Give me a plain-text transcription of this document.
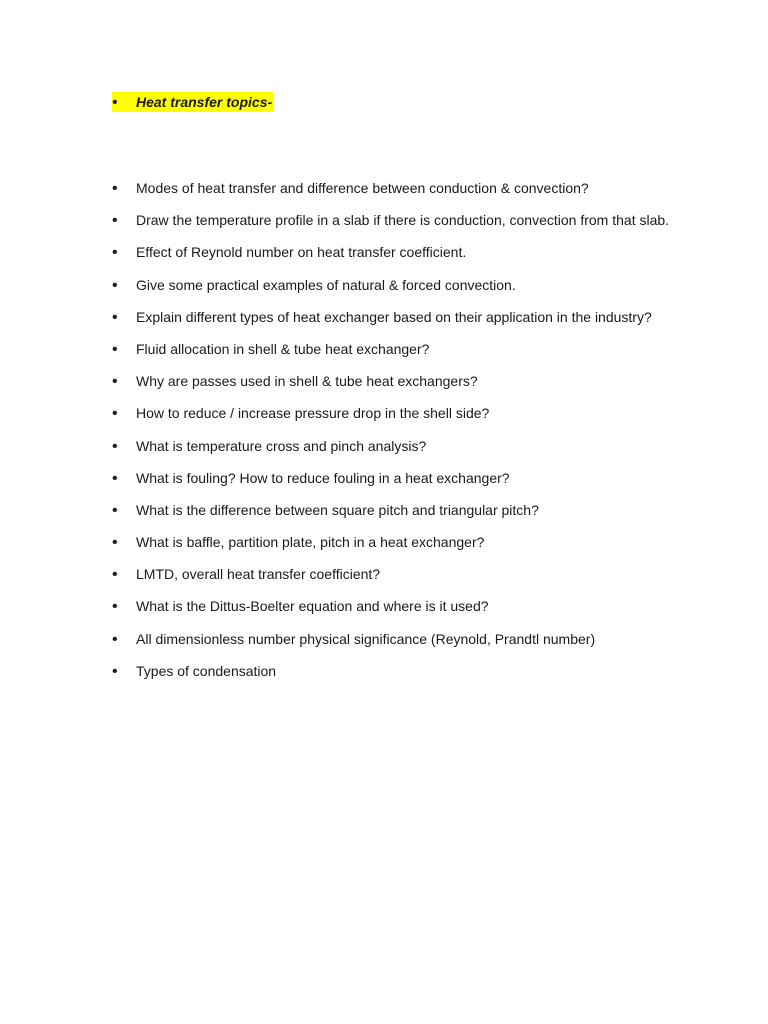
•
Heat transfer topics-
•
Modes of heat transfer and difference between conduction & convection?
•
Draw the temperature profile in a slab if there is conduction, convection from that slab.
•
Effect of Reynold number on heat transfer coefficient.
•
Give some practical examples of natural & forced convection.
•
Explain different types of heat exchanger based on their application in the industry?
•
Fluid allocation in shell & tube heat exchanger?
•
Why are passes used in shell & tube heat exchangers?
•
How to reduce / increase pressure drop in the shell side?
•
What is temperature cross and pinch analysis?
•
What is fouling? How to reduce fouling in a heat exchanger?
•
What is the difference between square pitch and triangular pitch?
•
What is baffle, partition plate, pitch in a heat exchanger?
•
LMTD, overall heat transfer coefficient?
•
What is the Dittus-Boelter equation and where is it used?
•
All dimensionless number physical significance (Reynold, Prandtl number)
•
Types of condensation
